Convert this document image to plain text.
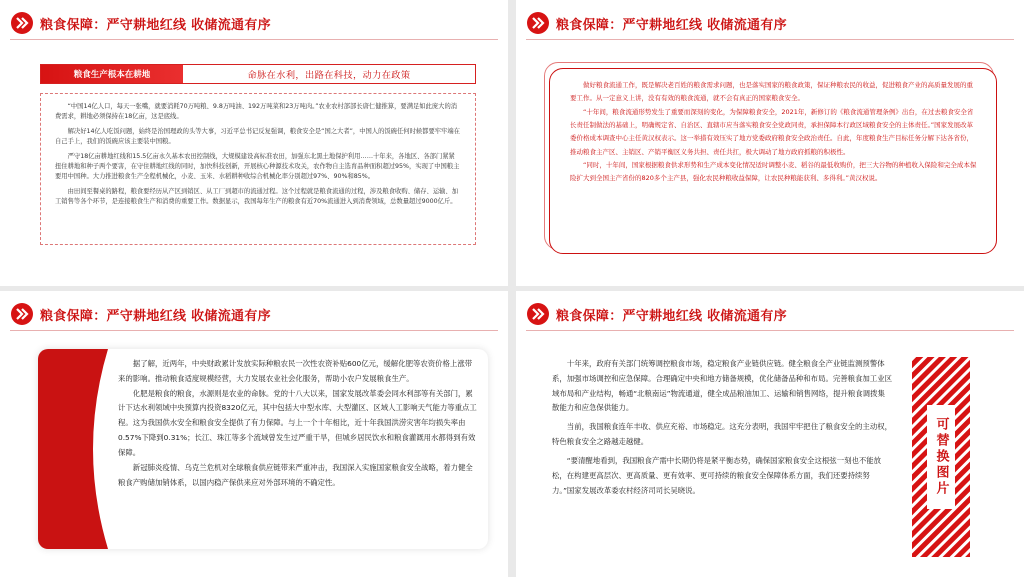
粮食保障：严守耕地红线 收储流通有序
粮食生产根本在耕地	命脉在水利，出路在科技，动力在政策

“中国14亿人口，每天一张嘴，就要消耗70万吨粮、9.8万吨油、192万吨菜和23万吨肉。”农业农村部部长唐仁健推算，要满足如此庞大的消费需求，耕地必须保持在18亿亩，这是底线。

解决好14亿人吃饭问题，始终是治国理政的头等大事，习近平总书记反复强调，粮食安全是“国之大者”，中国人的饭碗任何时候都要牢牢端在自己手上，我们的饭碗应该主要装中国粮。

严守18亿亩耕地红线和15.5亿亩永久基本农田控制线，大规模建设高标准农田，加强东北黑土地保护利用……十年来，各地区、各部门紧紧扭住耕地和种子两个要害，在守住耕地红线的同时，加快科技创新，开展核心种源技术攻关，农作物自主选育品种面积超过95%，实现了中国粮主要用中国种。大力推进粮食生产全程机械化，小麦、玉米、水稻耕种收综合机械化率分别超过97%、90%和85%。

由田间至餐桌的路程，粮食要经历从产区到销区、从工厂到超市的流通过程。这个过程就是粮食流通的过程，涉及粮食收购、储存、运输、加工销售等各个环节，是连接粮食生产和消费的重要工作。数据显示，我国每年生产的粮食有近70%流通进入到消费领域，总数量超过9000亿斤。

粮食保障：严守耕地红线 收储流通有序

做好粮食流通工作，既是解决老百姓的粮食需求问题，也是落实国家的粮食政策，保证种粮农民的收益，促进粮食产业的高质量发展的重要工作。从一定意义上讲，没有有效的粮食流通，就不会有真正的国家粮食安全。

“十年间，粮食流通形势发生了重要而深刻的变化，为保障粮食安全，2021年，新修订的《粮食流通管理条例》出台，在过去粮食安全省长责任制做法的基础上，明确规定省、自治区、直辖市应当落实粮食安全党政同责，承担保障本行政区域粮食安全的主体责任。”国家发展改革委价格成本调查中心主任黄汉权表示。这一举措有效压实了地方党委政府粮食安全政治责任。自此，年度粮食生产目标任务分解下达各省份，推动粮食主产区、主销区、产销平衡区义务共担、责任共扛，极大调动了地方政府抓粮的积极性。

“同时，十年间，国家根据粮食供求形势和生产成本变化情况适时调整小麦、稻谷的最低收购价，把三大谷物的种植收入保险和完全成本保险扩大到全国主产省份的820多个主产县，强化农民种粮收益保障，让农民种粮能获利、多得利。”黄汉权说。

粮食保障：严守耕地红线 收储流通有序

据了解，近两年，中央财政累计发放实际种粮农民一次性农资补贴600亿元，缓解化肥等农资价格上涨带来的影响。推动粮食适度规模经营，大力发展农业社会化服务，帮助小农户发展粮食生产。

化肥是粮食的粮食，水源则是农业的命脉。党的十八大以来，国家发展改革委会同水利部等有关部门，累计下达水利领域中央预算内投资8320亿元，其中包括大中型水库、大型灌区、区域人工影响天气能力等重点工程。这为我国供水安全和粮食安全提供了有力保障。与上一个十年相比，近十年我国洪涝灾害年均损失率由0.57%下降到0.31%；长江、珠江等多个流域曾发生过严重干旱，但城乡居民饮水和粮食灌溉用水都得到有效保障。

新冠肺炎疫情、乌克兰危机对全球粮食供应链带来严重冲击，我国深入实施国家粮食安全战略，着力健全粮食产购储加销体系，以国内稳产保供来应对外部环境的不确定性。

粮食保障：严守耕地红线 收储流通有序

十年来，政府有关部门统筹调控粮食市场，稳定粮食产业链供应链。健全粮食全产业链监测预警体系，加强市场调控和应急保障。合理确定中央和地方储备规模，优化储备品种和布局。完善粮食加工业区域布局和产业结构，畅通“北粮南运”物流通道，健全成品粮油加工、运输和销售网络，提升粮食调拨集散能力和应急保供能力。

当前，我国粮食连年丰收、供应充裕、市场稳定。这充分表明，我国牢牢把住了粮食安全的主动权，特色粮食安全之路越走越健。

“要清醒地看到，我国粮食产需中长期仍将是紧平衡态势，确保国家粮食安全这根弦一刻也不能放松，在构建更高层次、更高质量、更有效率、更可持续的粮食安全保障体系方面，我们还要持续努力。”国家发展改革委农村经济司司长吴晓说。	可替换图片
